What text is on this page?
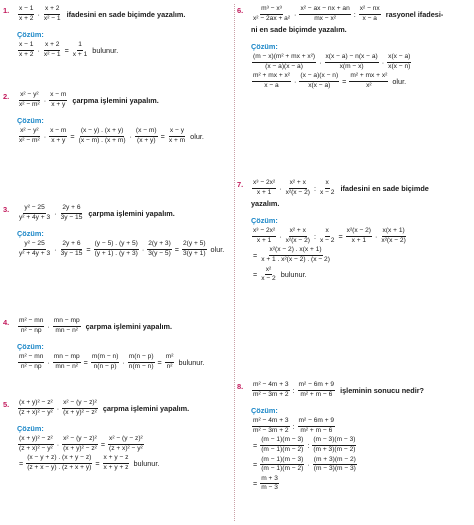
1. $\frac{x - 1}{x + 2} \cdot \frac{x + 2}{\text{x² − 1}}$ ifadesini en sade biçimde yazalım.
Çözüm:
$\frac{x - 1}{x + 2} \cdot \frac{x + 2}{\text{x² − 1}} = \frac{1}{x + 1}$ bulunur.
2. $\frac{\text{x² − y²}}{\text{x² − m²}} \cdot \frac{x - m}{x + y}$ çarpma işlemini yapalım.
Çözüm:
$\frac{\text{x² − y²}}{\text{x² − m²}} \cdot \frac{x - m}{x + y} = \frac{(x - y) . (x + y)}{(x - m) . (x + m)} \cdot \frac{(x - m)}{(x + y)} = \frac{x - y}{x + m}$ olur.
3. $\frac{\text{y² − 25}}{\text{y² + 4y + 3}} \cdot \frac{2y + 6}{3y - 15}$ çarpma işlemini yapalım.
Çözüm:
$\frac{\text{y² − 25}}{\text{y² + 4y + 3}} \cdot \frac{2y + 6}{3y - 15} = \frac{(y - 5) . (y + 5)}{(y + 1) . (y + 3)} \cdot \frac{2(y + 3)}{3(y - 5)} = \frac{2(y + 5)}{3(y + 1)}$ olur.
4. $\frac{\text{m² − mn}}{\text{n² − np}} \cdot \frac{mn - mp}{\text{mn − n²}}$ çarpma işlemini yapalım.
Çözüm:
$\frac{\text{m² − mn}}{\text{n² − np}} \cdot \frac{mn - mp}{\text{mn − n²}} = \frac{m(m - n)}{n(n - p)} \cdot \frac{m(n - p)}{n(m - n)} = \frac{\text{m²}}{\text{n²}}$ bulunur.
5. $\frac{\text{(x + y)² − z²}}{\text{(z + x)² − y²}} \cdot \frac{\text{x² − (y − z)²}}{\text{(x + y)² − z²}}$ çarpma işlemini yapalım.
Çözüm:
$\frac{\text{(x + y)² − z²}}{\text{(z + x)² − y²}} \cdot \frac{\text{x² − (y − z)²}}{\text{(x + y)² − z²}} = \frac{\text{x² − (y − z)²}}{\text{(z + x)² − y²}}$
= $\frac{(x - y + z) . (x + y - z)}{(z + x - y) . (z + x + y)} = \frac{x + y - z}{x + y + z}$ bulunur.
6. $\frac{\text{m³ − x³}}{\text{x² − 2ax + a²}} \cdot \frac{\text{x² − ax − nx + an}}{\text{mx − x²}}$ : $\frac{\text{x² − nx}}{x - a}$ rasyonel ifadesi-
ni en sade biçimde yazalım.
Çözüm:
$\frac{\text{(m − x)(m² + mx + x²)}}{(x - a)(x - a)} \cdot \frac{x(x - a) - n(x - a)}{x(m - x)} \cdot \frac{x(x - a)}{x(x - n)}$
$\frac{\text{m² + mx + x²}}{x - a} \cdot \frac{(x - a)(x - n)}{x(x - a)} = \frac{\text{m² + mx + x²}}{\text{x²}}$ olur.
7. $\frac{\text{x³ − 2x²}}{x + 1} \cdot \frac{\text{x² + x}}{\text{x²(x − 2)}}$ : $\frac{x}{x - 2}$ ifadesini en sade biçimde
yazalım.
Çözüm:
$\frac{\text{x³ − 2x²}}{x + 1} \cdot \frac{\text{x² + x}}{\text{x²(x − 2)}}$ : $\frac{x}{x - 2} = \frac{\text{x²(x − 2)}}{x + 1} \cdot \frac{x(x + 1)}{\text{x²(x − 2)}}$
= $\frac{\text{x²(x − 2) . x(x + 1)}}{\text{x + 1 . x²(x − 2) . (x − 2)}}$
= $\frac{\text{x²}}{x - 2}$ bulunur.
8. $\frac{\text{m² − 4m + 3}}{\text{m² − 3m + 2}}$ : $\frac{\text{m² − 6m + 9}}{\text{m² + m − 6}}$ işleminin sonucu nedir?
Çözüm:
$\frac{\text{m² − 4m + 3}}{\text{m² − 3m + 2}}$ : $\frac{\text{m² − 6m + 9}}{\text{m² + m − 6}}$
= $\frac{(m - 1)(m - 3)}{(m - 1)(m - 2)}$ : $\frac{(m - 3)(m - 3)}{(m + 3)(m - 2)}$
= $\frac{(m - 1)(m - 3)}{(m - 1)(m - 2)} \cdot \frac{(m + 3)(m - 2)}{(m - 3)(m - 3)}$
= $\frac{m + 3}{m - 3}$
